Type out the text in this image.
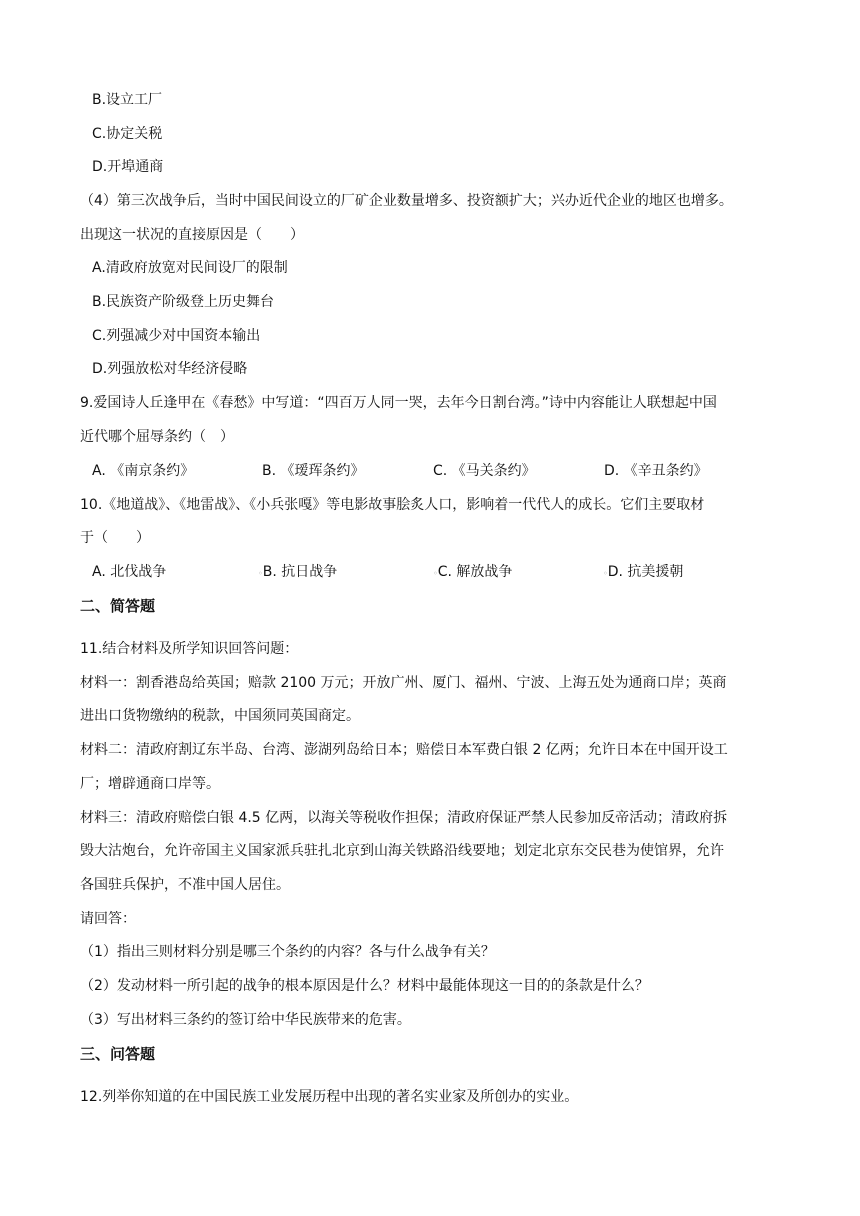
B.设立工厂
C.协定关税
D.开埠通商
（4）第三次战争后，当时中国民间设立的厂矿企业数量增多、投资额扩大；兴办近代企业的地区也增多。
出现这一状况的直接原因是（　　）
A.清政府放宽对民间设厂的限制
B.民族资产阶级登上历史舞台
C.列强减少对中国资本输出
D.列强放松对华经济侵略
9.爱国诗人丘逢甲在《春愁》中写道：“四百万人同一哭，去年今日割台湾。”诗中内容能让人联想起中国
近代哪个屈辱条约（　）
A. 《南京条约》	B. 《瑷珲条约》	C. 《马关条约》	D. 《辛丑条约》
10.《地道战》、《地雷战》、《小兵张嘎》等电影故事脍炙人口，影响着一代代人的成长。它们主要取材
于（　　）
A. 北伐战争	◦B. 抗日战争	◦C. 解放战争	◦D. 抗美援朝
二、简答题
11.结合材料及所学知识回答问题：
材料一：割香港岛给英国；赔款 2100 万元；开放广州、厦门、福州、宁波、上海五处为通商口岸；英商
进出口货物缴纳的税款，中国须同英国商定。
材料二：清政府割辽东半岛、台湾、澎湖列岛给日本；赔偿日本军费白银 2 亿两；允许日本在中国开设工
厂；增辟通商口岸等。
材料三：清政府赔偿白银 4.5 亿两，以海关等税收作担保；清政府保证严禁人民参加反帝活动；清政府拆
毁大沽炮台，允许帝国主义国家派兵驻扎北京到山海关铁路沿线要地；划定北京东交民巷为使馆界，允许
各国驻兵保护，不准中国人居住。
请回答：
（1）指出三则材料分别是哪三个条约的内容？各与什么战争有关？
（2）发动材料一所引起的战争的根本原因是什么？材料中最能体现这一目的的条款是什么？
（3）写出材料三条约的签订给中华民族带来的危害。
三、问答题
12.列举你知道的在中国民族工业发展历程中出现的著名实业家及所创办的实业。
